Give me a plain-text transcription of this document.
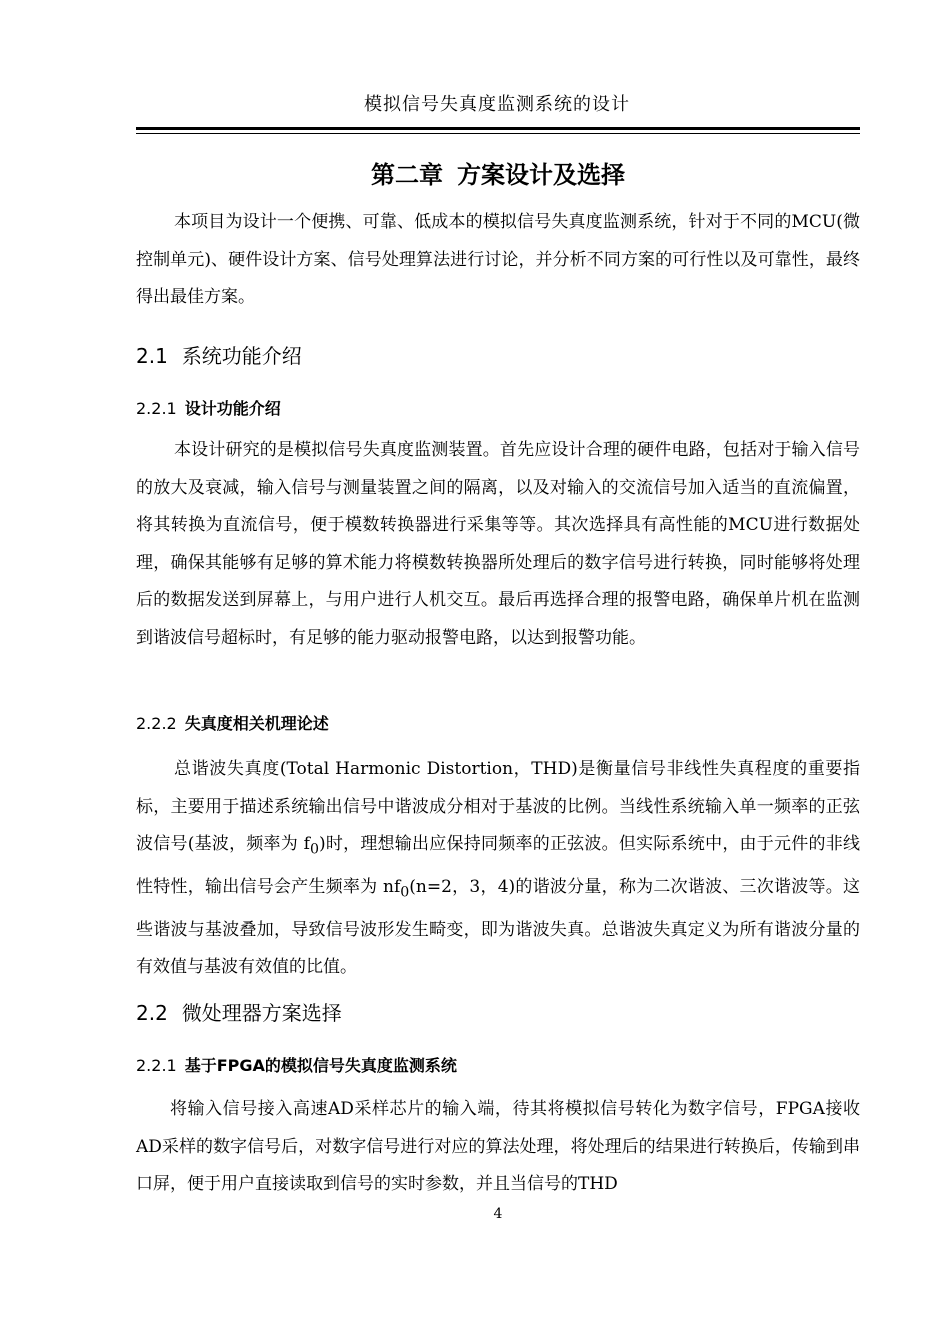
模拟信号失真度监测系统的设计
第二章 方案设计及选择

本项目为设计一个便携、可靠、低成本的模拟信号失真度监测系统，针对于不同的MCU(微控制单元)、硬件设计方案、信号处理算法进行讨论，并分析不同方案的可行性以及可靠性，最终得出最佳方案。

2.1 系统功能介绍
2.2.1 设计功能介绍

本设计研究的是模拟信号失真度监测装置。首先应设计合理的硬件电路，包括对于输入信号的放大及衰减，输入信号与测量装置之间的隔离，以及对输入的交流信号加入适当的直流偏置，将其转换为直流信号，便于模数转换器进行采集等等。其次选择具有高性能的MCU进行数据处理，确保其能够有足够的算术能力将模数转换器所处理后的数字信号进行转换，同时能够将处理后的数据发送到屏幕上，与用户进行人机交互。最后再选择合理的报警电路，确保单片机在监测到谐波信号超标时，有足够的能力驱动报警电路，以达到报警功能。

2.2.2 失真度相关机理论述

总谐波失真度(Total Harmonic Distortion，THD)是衡量信号非线性失真程度的重要指标，主要用于描述系统输出信号中谐波成分相对于基波的比例。当线性系统输入单一频率的正弦波信号(基波，频率为 $f_0$)时，理想输出应保持同频率的正弦波。但实际系统中，由于元件的非线性特性，输出信号会产生频率为 $nf_0(n=2$，3，4)的谐波分量，称为二次谐波、三次谐波等。这些谐波与基波叠加，导致信号波形发生畸变，即为谐波失真。总谐波失真定义为所有谐波分量的有效值与基波有效值的比值。

2.2 微处理器方案选择
2.2.1 基于FPGA的模拟信号失真度监测系统

将输入信号接入高速AD采样芯片的输入端，待其将模拟信号转化为数字信号，FPGA接收AD采样的数字信号后，对数字信号进行对应的算法处理，将处理后的结果进行转换后，传输到串口屏，便于用户直接读取到信号的实时参数，并且当信号的THD

4
